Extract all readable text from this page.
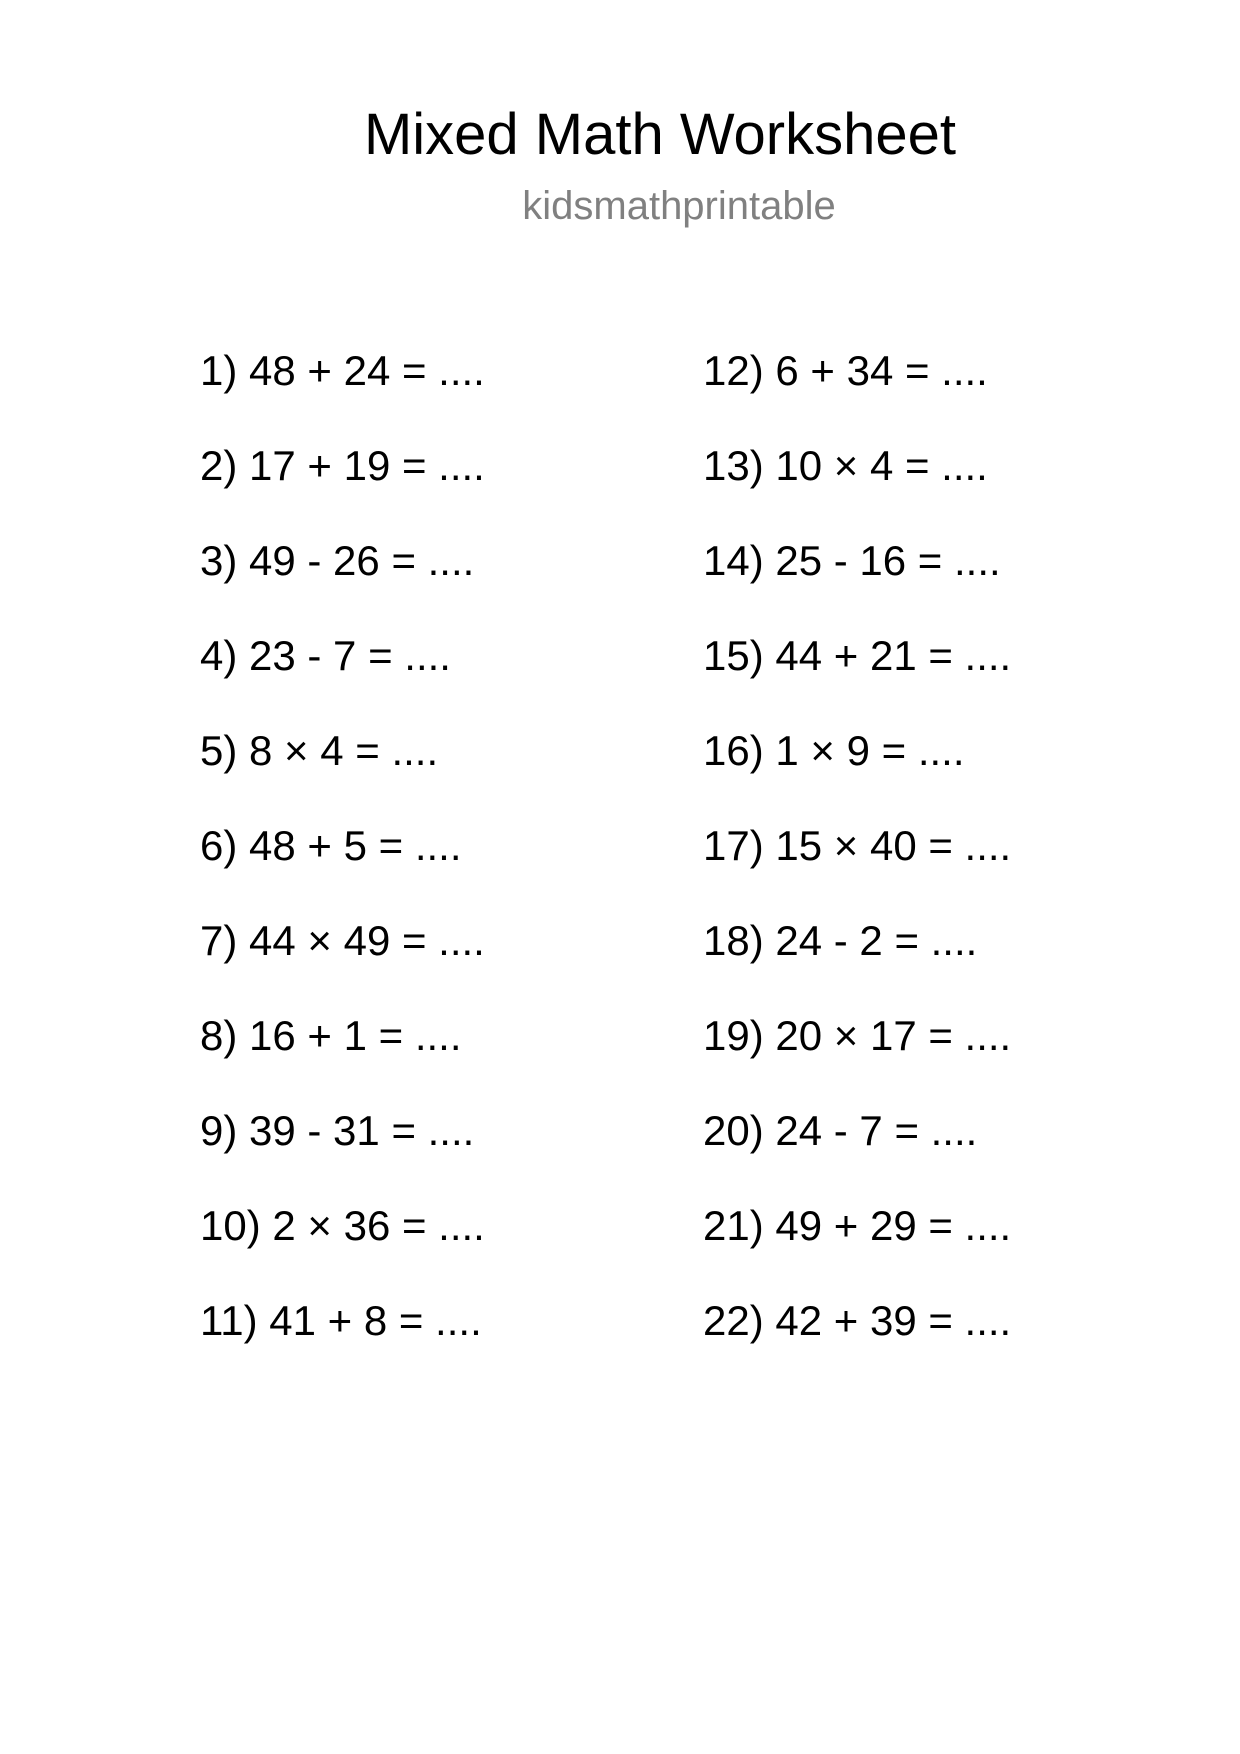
Mixed Math Worksheet
kidsmathprintable
1) 48 + 24 = ....
2) 17 + 19 = ....
3) 49 - 26 = ....
4) 23 - 7 = ....
5) 8 × 4 = ....
6) 48 + 5 = ....
7) 44 × 49 = ....
8) 16 + 1 = ....
9) 39 - 31 = ....
10) 2 × 36 = ....
11) 41 + 8 = ....
12) 6 + 34 = ....
13) 10 × 4 = ....
14) 25 - 16 = ....
15) 44 + 21 = ....
16) 1 × 9 = ....
17) 15 × 40 = ....
18) 24 - 2 = ....
19) 20 × 17 = ....
20) 24 - 7 = ....
21) 49 + 29 = ....
22) 42 + 39 = ....
